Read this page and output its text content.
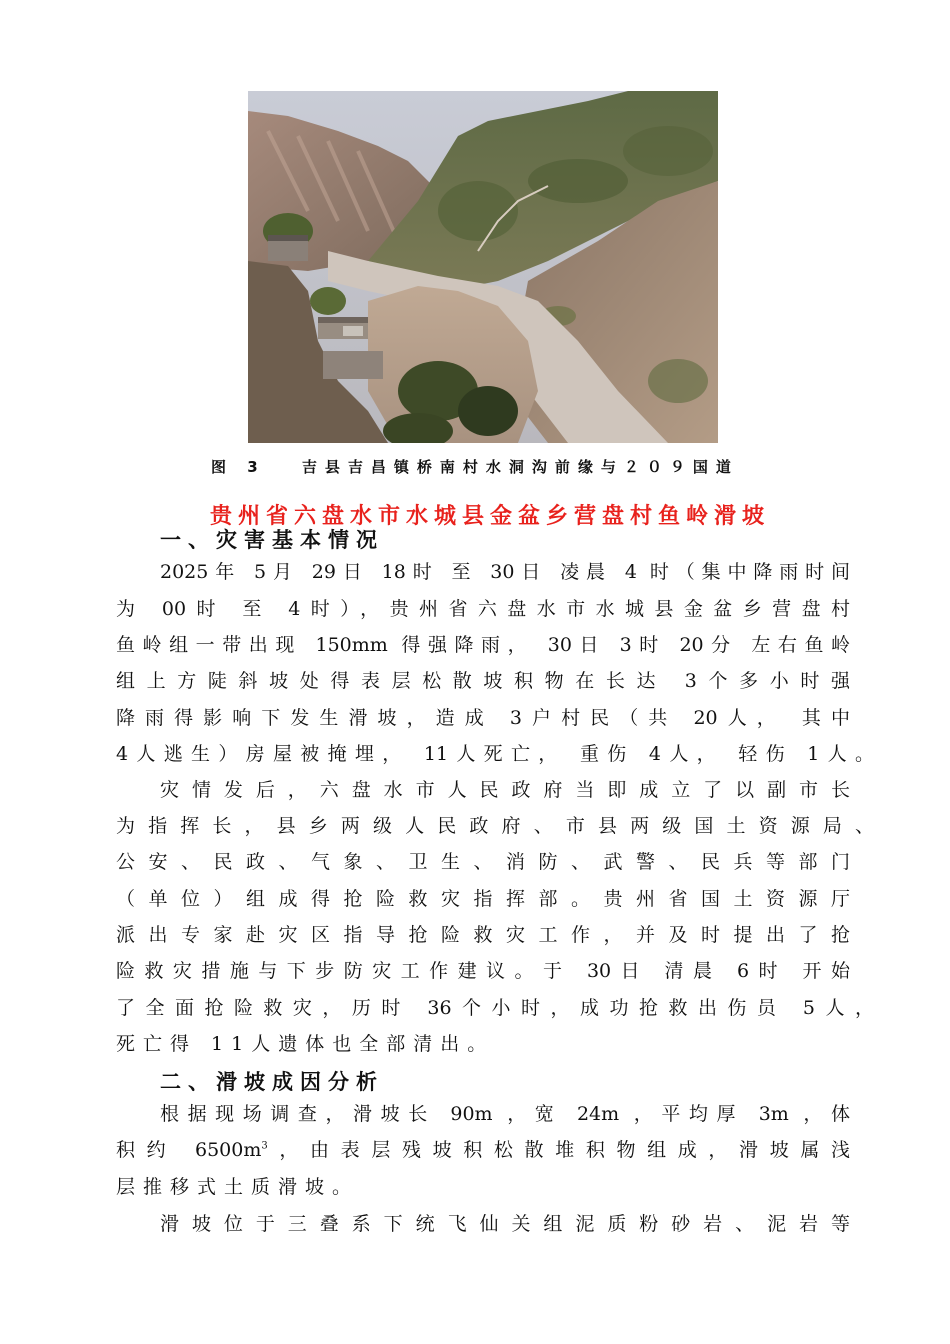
图 3　 吉县吉昌镇桥南村水洞沟前缘与２０９国道
贵州省六盘水市水城县金盆乡营盘村鱼岭滑坡
一、灾害基本情况
2025年 5月 29日 18时 至 30日 凌晨 4 时（集中降雨时间
为 00时 至 4时），贵州省六盘水市水城县金盆乡营盘村
鱼岭组一带出现 150mm 得强降雨， 30日 3时 20分 左右鱼岭
组上方陡斜坡处得表层松散坡积物在长达 3个多小时强
降雨得影响下发生滑坡，造成 3户村民（共 20人， 其中
4人逃生）房屋被掩埋， 11人死亡， 重伤 4人， 轻伤 1人。
灾情发后，六盘水市人民政府当即成立了以副市长
为指挥长，县乡两级人民政府、市县两级国土资源局、
公安、民政、气象、卫生、消防、武警、民兵等部门
（单位）组成得抢险救灾指挥部。贵州省国土资源厅
派出专家赴灾区指导抢险救灾工作，并及时提出了抢
险救灾措施与下步防灾工作建议。于 30日 清晨 6时 开始
了全面抢险救灾，历时 36个小时，成功抢救出伤员 5人，
死亡得 11人遗体也全部清出。
二、滑坡成因分析
根据现场调查，滑坡长 90m ，宽 24m ，平均厚 3m ，体
积约 $6500m^3$，由表层残坡积松散堆积物组成，滑坡属浅
层推移式土质滑坡。
滑坡位于三叠系下统飞仙关组泥质粉砂岩、泥岩等
